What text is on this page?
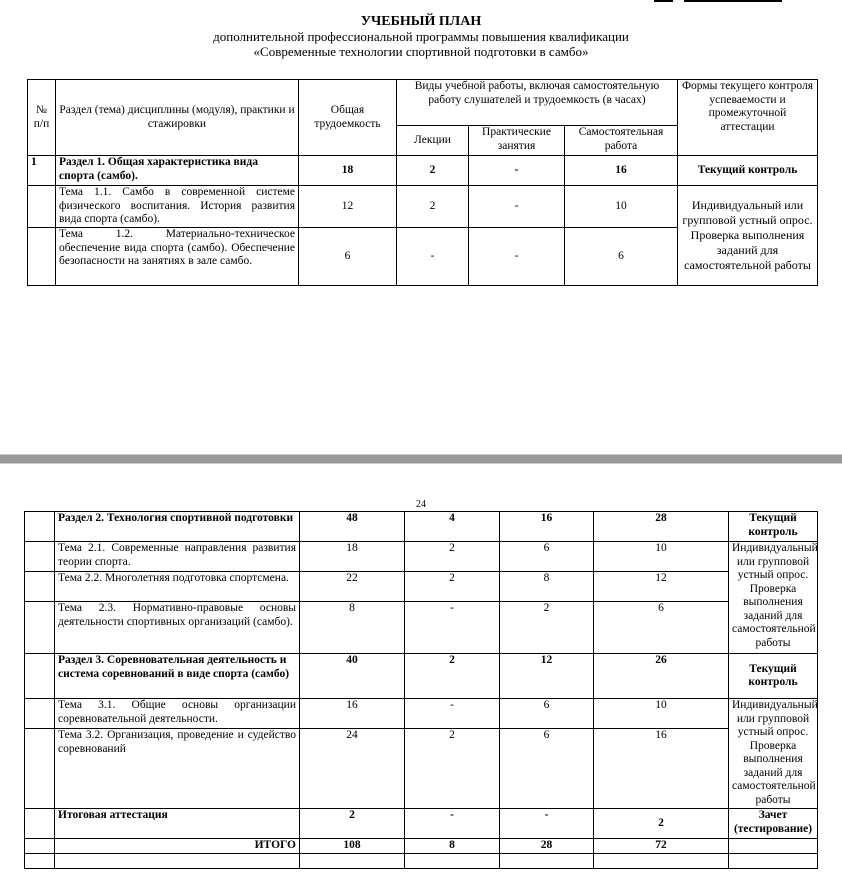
УЧЕБНЫЙ ПЛАН
дополнительной профессиональной программы повышения квалификации
«Современные технологии спортивной подготовки в самбо»
№ п/п	Раздел (тема) дисциплины (модуля), практики и стажировки	Общая трудоемкость	Виды учебной работы, включая самостоятельную работу слушателей и трудоемкость (в часах)			Формы текущего контроля успеваемости и промежуточной аттестации
			Лекции	Практические занятия	Самостоятельная работа	
1	Раздел 1. Общая характеристика вида спорта (самбо).	18	2	-	16	Текущий контроль
	Тема 1.1. Самбо в современной системе физического воспитания. История развития вида спорта (самбо).	12	2	-	10	Индивидуальный или групповой устный опрос. Проверка выполнения заданий для самостоятельной работы
	Тема 1.2. Материально-техническое обеспечение вида спорта (самбо). Обеспечение безопасности на занятиях в зале самбо.	6	-	-	6	
24
	Раздел 2. Технология спортивной подготовки	48	4	16	28	Текущий контроль
	Тема 2.1. Современные направления развития теории спорта.	18	2	6	10	Индивидуальный или групповой устный опрос. Проверка выполнения заданий для самостоятельной работы
	Тема 2.2. Многолетняя подготовка спортсмена.	22	2	8	12	
	Тема 2.3. Нормативно-правовые основы деятельности спортивных организаций (самбо).	8	-	2	6	
	Раздел 3. Соревновательная деятельность и система соревнований в виде спорта (самбо)	40	2	12	26	Текущий контроль
	Тема 3.1. Общие основы организации соревновательной деятельности.	16	-	6	10	Индивидуальный или групповой устный опрос. Проверка выполнения заданий для самостоятельной работы
	Тема 3.2. Организация, проведение и судейство соревнований	24	2	6	16	
	Итоговая аттестация	2	-	-	2	Зачет (тестирование)
	ИТОГО	108	8	28	72	
